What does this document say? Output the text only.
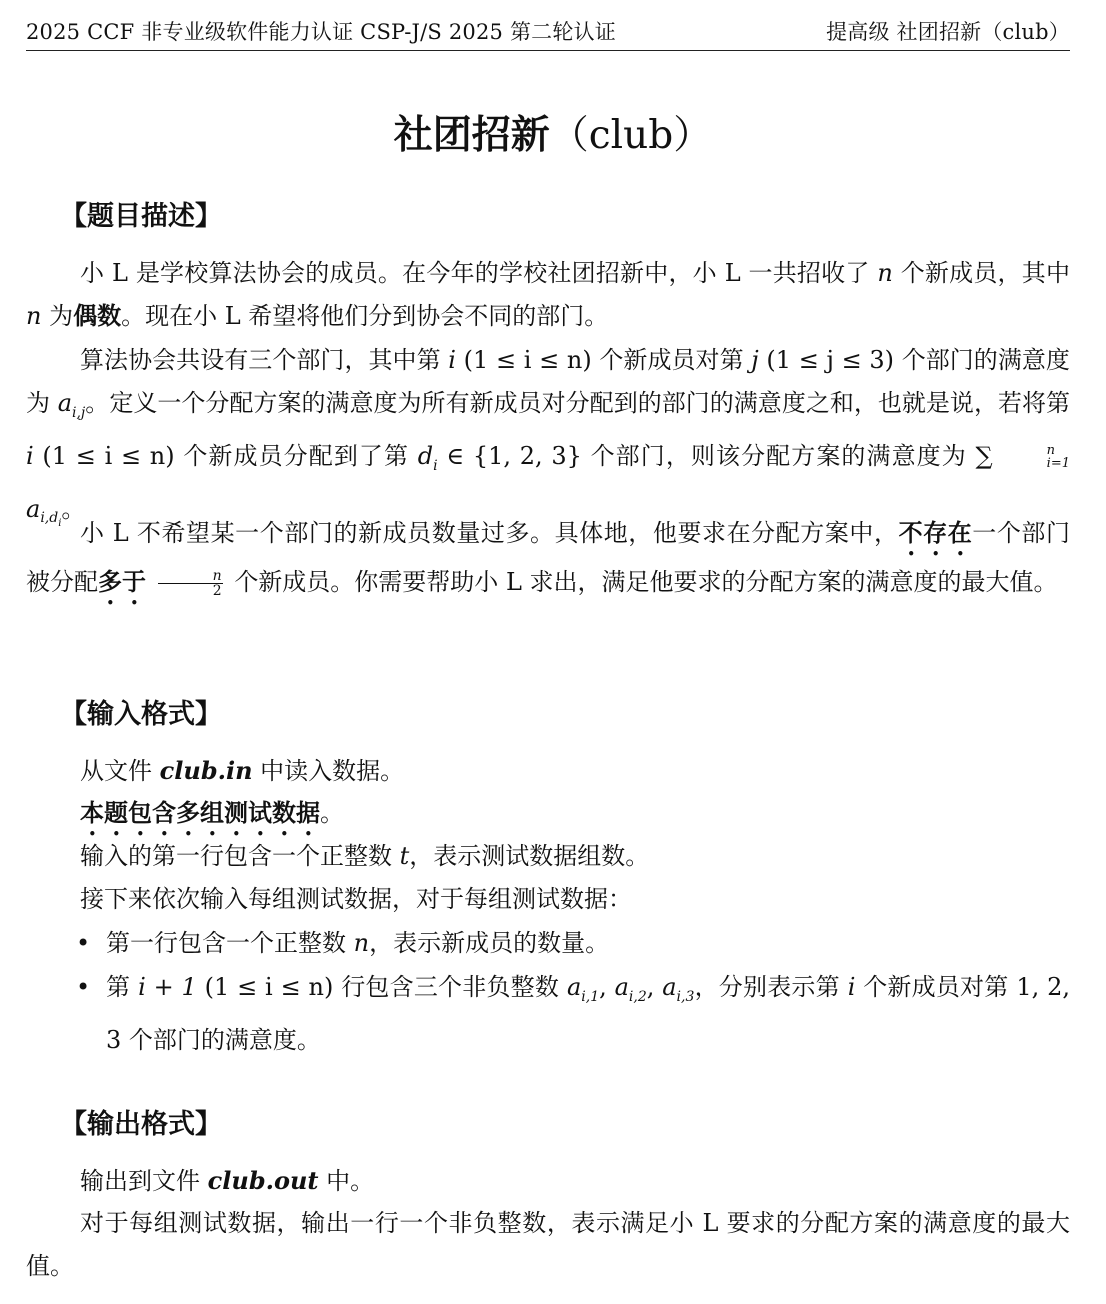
2025 CCF 非专业级软件能力认证 CSP-J/S 2025 第二轮认证	提高级 社团招新（club）
社团招新（club）
【题目描述】

小 L 是学校算法协会的成员。在今年的学校社团招新中，小 L 一共招收了 n 个新成员，其中 n 为偶数。现在小 L 希望将他们分到协会不同的部门。

算法协会共设有三个部门，其中第 i (1 ≤ i ≤ n) 个新成员对第 j (1 ≤ j ≤ 3) 个部门的满意度为 $a_{i,j}$。定义一个分配方案的满意度为所有新成员对分配到的部门的满意度之和，也就是说，若将第 i (1 ≤ i ≤ n) 个新成员分配到了第 $d_i$ ∈ {1, 2, 3} 个部门，则该分配方案的满意度为 ∑	n
i=1
$a_{i,d_i}$。

小 L 不希望某一个部门的新成员数量过多。具体地，他要求在分配方案中，不存在一个部门被分配多于 $\frac{n}{2}$ 个新成员。你需要帮助小 L 求出，满足他要求的分配方案的满意度的最大值。

【输入格式】
从文件 club.in 中读入数据。
本题包含多组测试数据。
输入的第一行包含一个正整数 t，表示测试数据组数。
接下来依次输入每组测试数据，对于每组测试数据：
• 第一行包含一个正整数 n，表示新成员的数量。
• 第 i + 1 (1 ≤ i ≤ n) 行包含三个非负整数 $a_{i,1}$, $a_{i,2}$, $a_{i,3}$，分别表示第 i 个新成员对第 1, 2, 3 个部门的满意度。

【输出格式】
输出到文件 club.out 中。

对于每组测试数据，输出一行一个非负整数，表示满足小 L 要求的分配方案的满意度的最大值。
